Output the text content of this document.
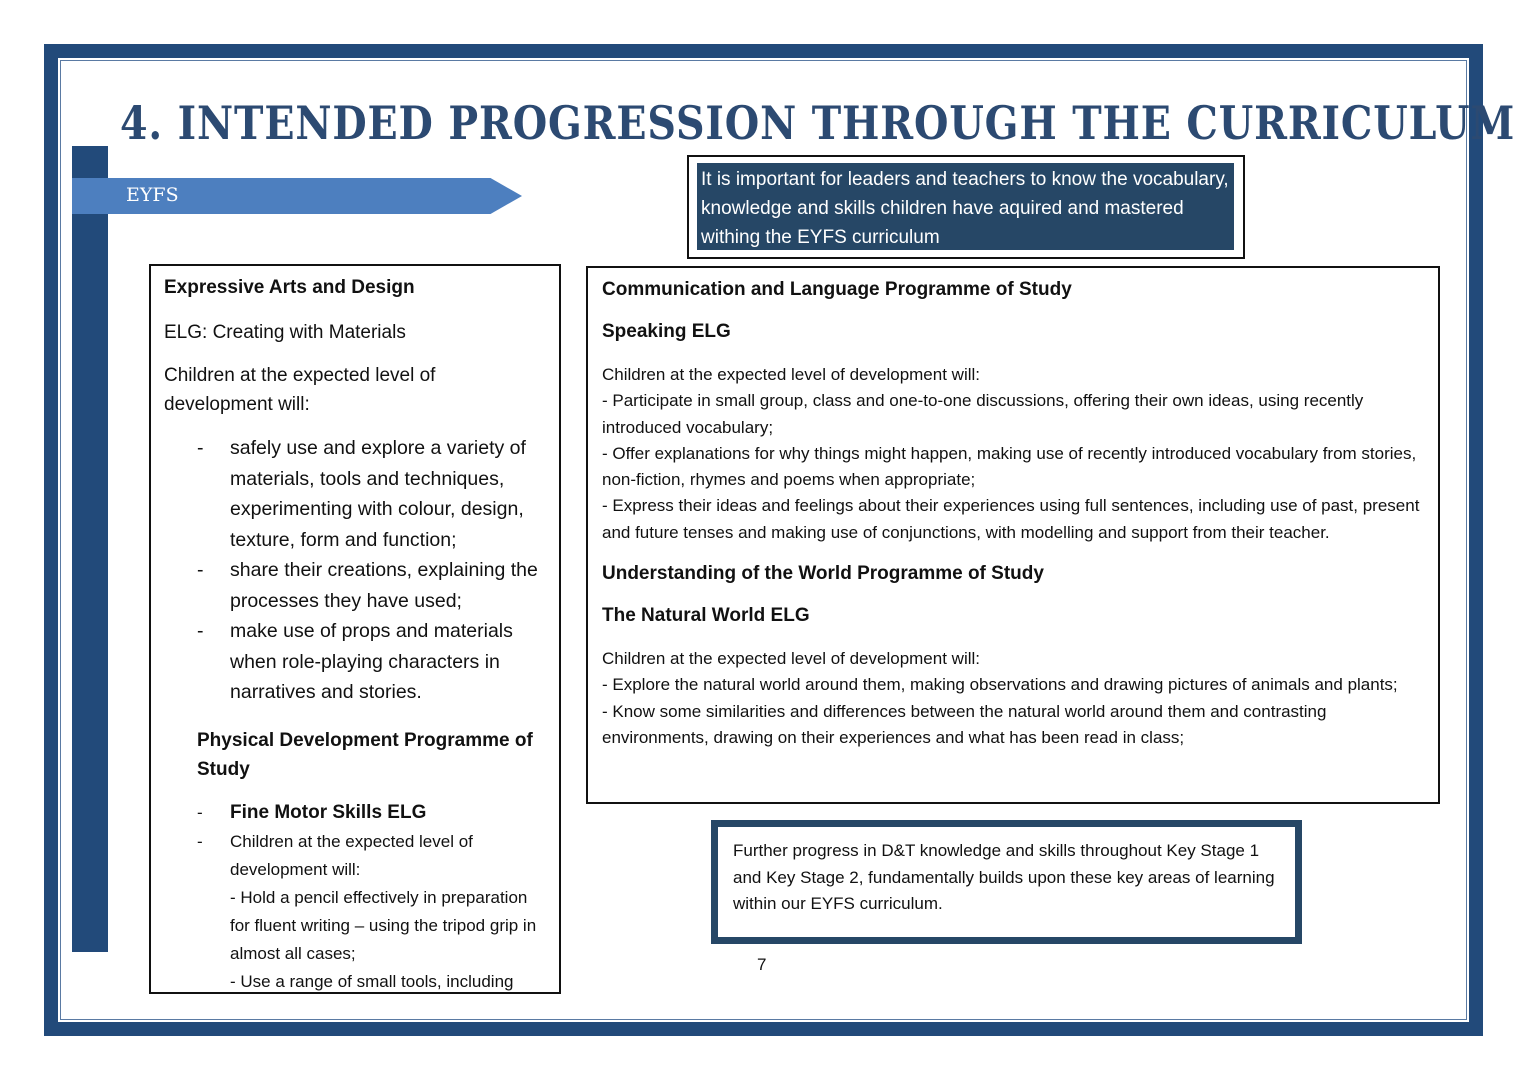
4. INTENDED PROGRESSION THROUGH THE CURRICULUM
EYFS
It is important for leaders and teachers to know the vocabulary, knowledge and skills children have aquired and mastered withing the EYFS curriculum
Expressive Arts and Design
ELG: Creating with Materials
Children at the expected level of development will:
- safely use and explore a variety of materials, tools and techniques, experimenting with colour, design, texture, form and function;
- share their creations, explaining the processes they have used;
- make use of props and materials when role-playing characters in narratives and stories.
Physical Development Programme of Study
- Fine Motor Skills ELG
- Children at the expected level of development will:
- Hold a pencil effectively in preparation for fluent writing – using the tripod grip in almost all cases;
- Use a range of small tools, including
Communication and Language Programme of Study
Speaking ELG
Children at the expected level of development will:
- Participate in small group, class and one-to-one discussions, offering their own ideas, using recently introduced vocabulary;
- Offer explanations for why things might happen, making use of recently introduced vocabulary from stories, non-fiction, rhymes and poems when appropriate;
- Express their ideas and feelings about their experiences using full sentences, including use of past, present and future tenses and making use of conjunctions, with modelling and support from their teacher.
Understanding of the World Programme of Study
The Natural World ELG
Children at the expected level of development will:
- Explore the natural world around them, making observations and drawing pictures of animals and plants;
- Know some similarities and differences between the natural world around them and contrasting environments, drawing on their experiences and what has been read in class;
Further progress in D&T knowledge and skills throughout Key Stage 1 and Key Stage 2, fundamentally builds upon these key areas of learning within our EYFS curriculum.
7
